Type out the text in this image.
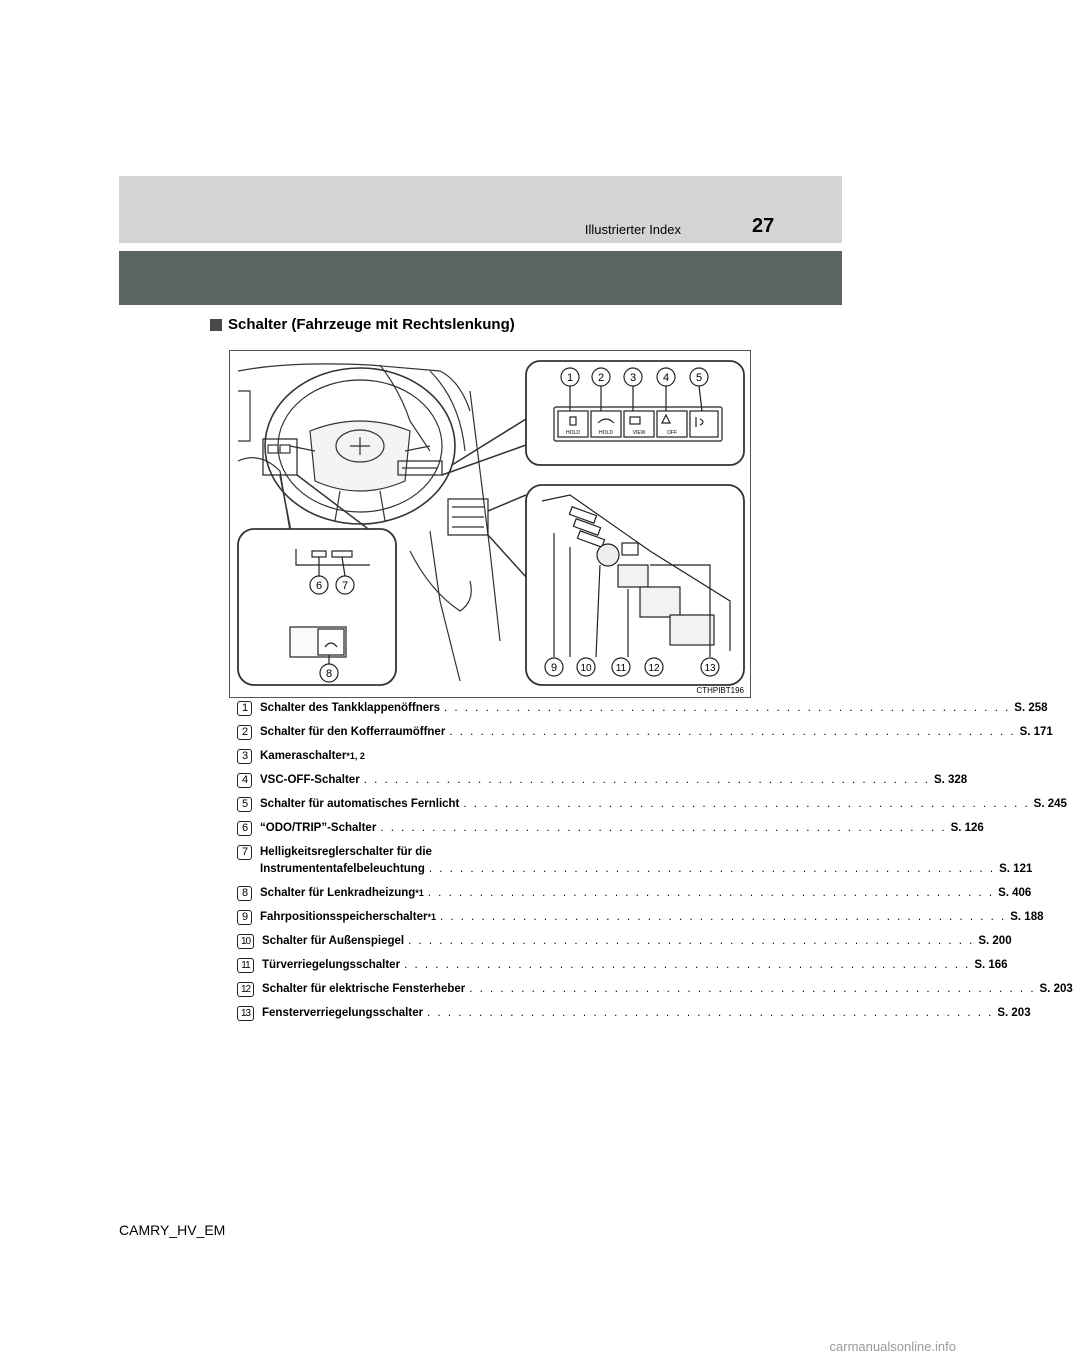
Illustrierter Index	27
Schalter (Fahrzeuge mit Rechtslenkung)
1 2 3 4 5
6 7
8	9 10 11 12	13
HOLD	HOLD	VIEW	OFF
CTHPIBT196
1	Schalter des Tankklappenöffners . . .	S. 258
2	Schalter für den Kofferraumöffner . . .	S. 171
3	Kameraschalter *1, 2
4	VSC-OFF-Schalter . . .	S. 328
5	Schalter für automatisches Fernlicht . . .	S. 245
6	“ODO/TRIP”-Schalter . . .	S. 126
7	Helligkeitsreglerschalter für die
Instrumententafelbeleuchtung . . .	S. 121
8	Schalter für Lenkradheizung *1 . . .	S. 406
9	Fahrpositionsspeicherschalter *1 . . .	S. 188
10	Schalter für Außenspiegel . . .	S. 200
11	Türverriegelungsschalter . . .	S. 166
12	Schalter für elektrische Fensterheber . . .	S. 203
13	Fensterverriegelungsschalter . . .	S. 203
CAMRY_HV_EM
carmanualsonline.info
